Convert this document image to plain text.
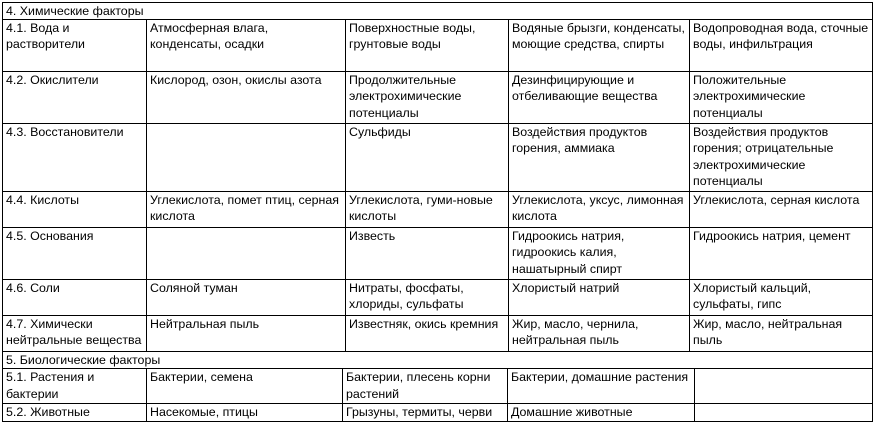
4. Химические факторы				
4.1. Вода и растворители	Атмосферная влага, конденсаты, осадки	Поверхностные воды, грунтовые воды	Водяные брызги, конденсаты, моющие средства, спирты	Водопроводная вода, сточные воды, инфильтрация
4.2. Окислители	Кислород, озон, окислы азота	Продолжительные электрохимические потенциалы	Дезинфицирующие и отбеливающие вещества	Положительные электрохимические потенциалы
4.3. Восстановители		Сульфиды	Воздействия продуктов горения, аммиака	Воздействия продуктов горения; отрицательные электрохимические потенциалы
4.4. Кислоты	Углекислота, помет птиц, серная кислота	Углекислота, гуми-новые кислоты	Углекислота, уксус, лимонная кислота	Углекислота, серная кислота
4.5. Основания		Известь	Гидроокись натрия, гидроокись калия, нашатырный спирт	Гидроокись натрия, цемент
4.6. Соли	Соляной туман	Нитраты, фосфаты, хлориды, сульфаты	Хлористый натрий	Хлористый кальций, сульфаты, гипс
4.7. Химически нейтральные вещества	Нейтральная пыль	Известняк, окись кремния	Жир, масло, чернила, нейтральная пыль	Жир, масло, нейтральная пыль
5. Биологические факторы				
5.1. Растения и бактерии	Бактерии, семена	Бактерии, плесень корни растений	Бактерии, домашние растения	
5.2. Животные	Насекомые, птицы	Грызуны, термиты, черви	Домашние животные	
